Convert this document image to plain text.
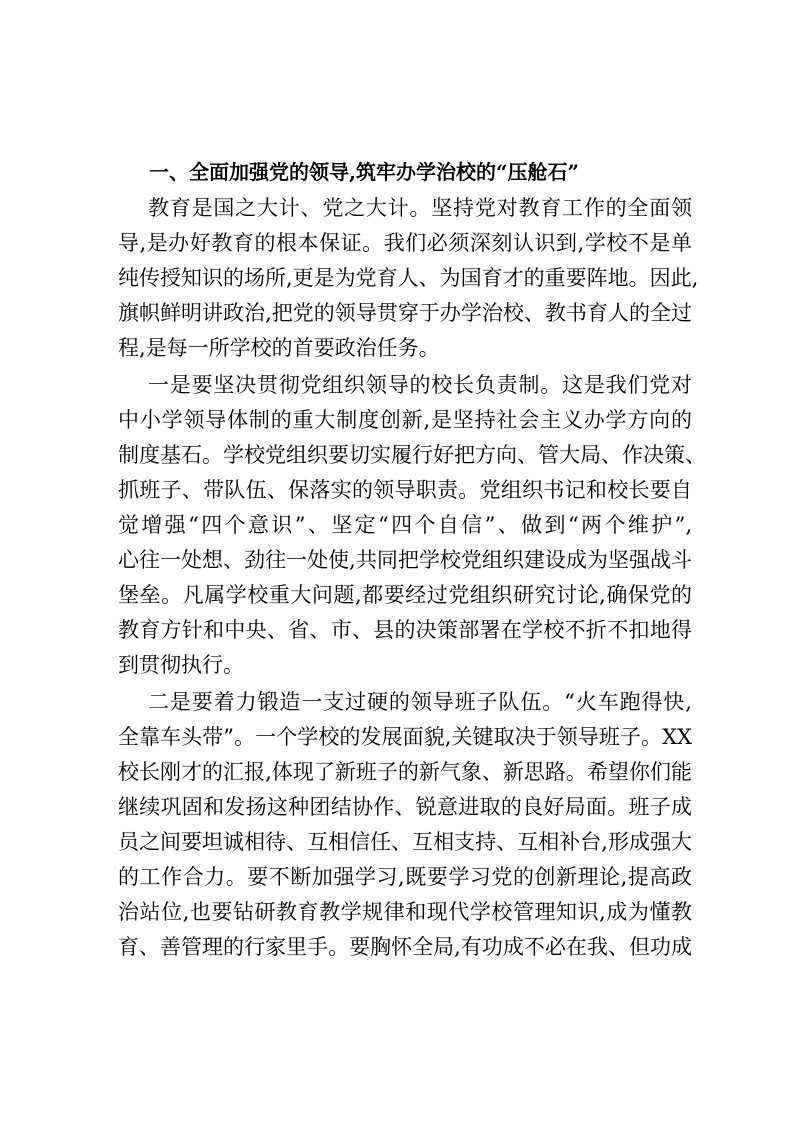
一、全面加强党的领导,筑牢办学治校的“压舱石”
教育是国之大计、党之大计。坚持党对教育工作的全面领
导,是办好教育的根本保证。我们必须深刻认识到,学校不是单
纯传授知识的场所,更是为党育人、为国育才的重要阵地。因此,
旗帜鲜明讲政治,把党的领导贯穿于办学治校、教书育人的全过
程,是每一所学校的首要政治任务。
一是要坚决贯彻党组织领导的校长负责制。这是我们党对
中小学领导体制的重大制度创新,是坚持社会主义办学方向的
制度基石。学校党组织要切实履行好把方向、管大局、作决策、
抓班子、带队伍、保落实的领导职责。党组织书记和校长要自
觉增强“四个意识”、坚定“四个自信”、做到“两个维护”,
心往一处想、劲往一处使,共同把学校党组织建设成为坚强战斗
堡垒。凡属学校重大问题,都要经过党组织研究讨论,确保党的
教育方针和中央、省、市、县的决策部署在学校不折不扣地得
到贯彻执行。
二是要着力锻造一支过硬的领导班子队伍。“火车跑得快,
全靠车头带”。一个学校的发展面貌,关键取决于领导班子。XX
校长刚才的汇报,体现了新班子的新气象、新思路。希望你们能
继续巩固和发扬这种团结协作、锐意进取的良好局面。班子成
员之间要坦诚相待、互相信任、互相支持、互相补台,形成强大
的工作合力。要不断加强学习,既要学习党的创新理论,提高政
治站位,也要钻研教育教学规律和现代学校管理知识,成为懂教
育、善管理的行家里手。要胸怀全局,有功成不必在我、但功成
